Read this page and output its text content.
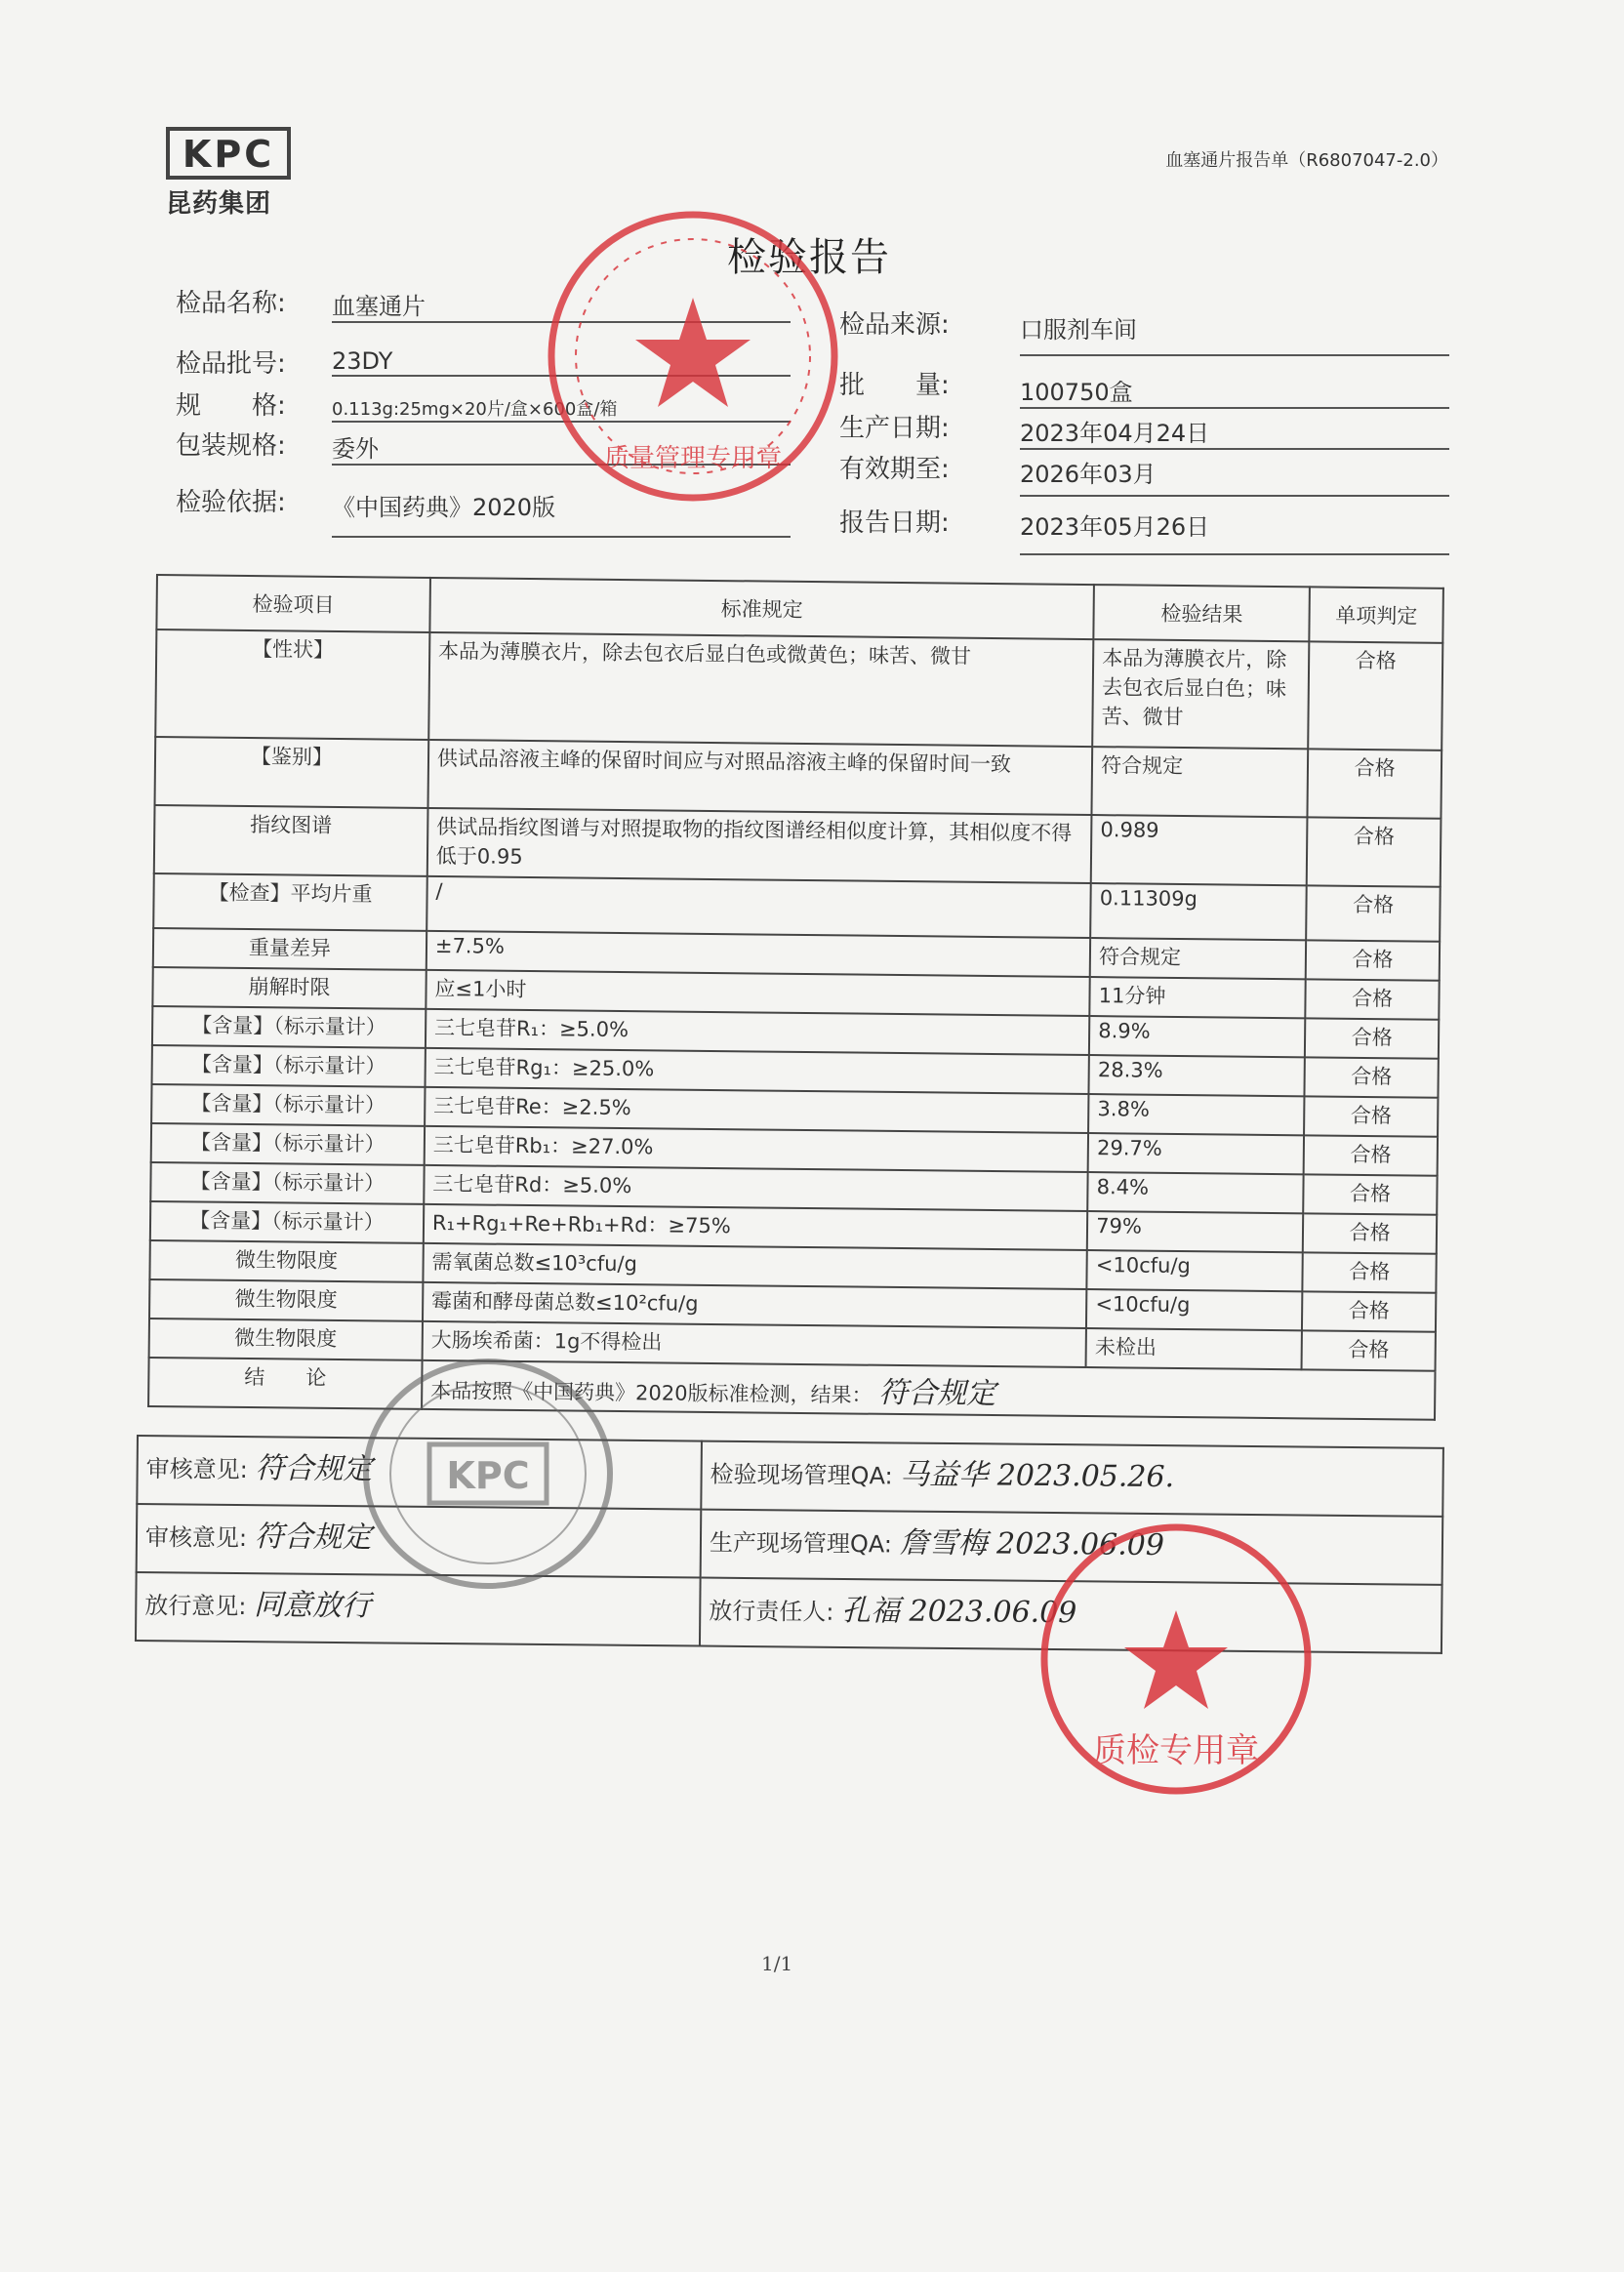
KPC
昆药集团
血塞通片报告单（R6807047-2.0）
检验报告
检品名称: 血塞通片
检品批号: 23DY
规　　格:	0.113g:25mg×20片/盒×600盒/箱
包装规格: 委外
检验依据: 《中国药典》2020版
检品来源:	口服剂车间
批　　量:	100750盒
生产日期:	2023年04月24日
有效期至:	2026年03月
报告日期:	2023年05月26日
检验项目	标准规定	检验结果	单项判定
【性状】	本品为薄膜衣片，除去包衣后显白色或微黄色；味苦、微甘	本品为薄膜衣片，除去包衣后显白色；味苦、微甘	合格
【鉴别】	供试品溶液主峰的保留时间应与对照品溶液主峰的保留时间一致	符合规定	合格
指纹图谱	供试品指纹图谱与对照提取物的指纹图谱经相似度计算，其相似度不得低于0.95	0.989	合格
【检查】平均片重	/	0.11309g	合格
重量差异	±7.5%	符合规定	合格
崩解时限	应≤1小时	11分钟	合格
【含量】（标示量计）	三七皂苷R₁：≥5.0%	8.9%	合格
【含量】（标示量计）	三七皂苷Rg₁：≥25.0%	28.3%	合格
【含量】（标示量计）	三七皂苷Re：≥2.5%	3.8%	合格
【含量】（标示量计）	三七皂苷Rb₁：≥27.0%	29.7%	合格
【含量】（标示量计）	三七皂苷Rd：≥5.0%	8.4%	合格
【含量】（标示量计）	R₁+Rg₁+Re+Rb₁+Rd：≥75%	79%	合格
微生物限度	需氧菌总数≤10³cfu/g	<10cfu/g	合格
微生物限度	霉菌和酵母菌总数≤10²cfu/g	<10cfu/g	合格
微生物限度	大肠埃希菌：1g不得检出	未检出	合格
结　　论	本品按照《中国药典》2020版标准检测，结果： 符合规定		
审核意见: 符合规定	检验现场管理QA: 马益华 2023.05.26.
审核意见: 符合规定	生产现场管理QA: 詹雪梅 2023.06.09
放行意见: 同意放行	放行责任人: 孔福 2023.06.09
质量管理专用章
KPC
质检专用章
1/1
